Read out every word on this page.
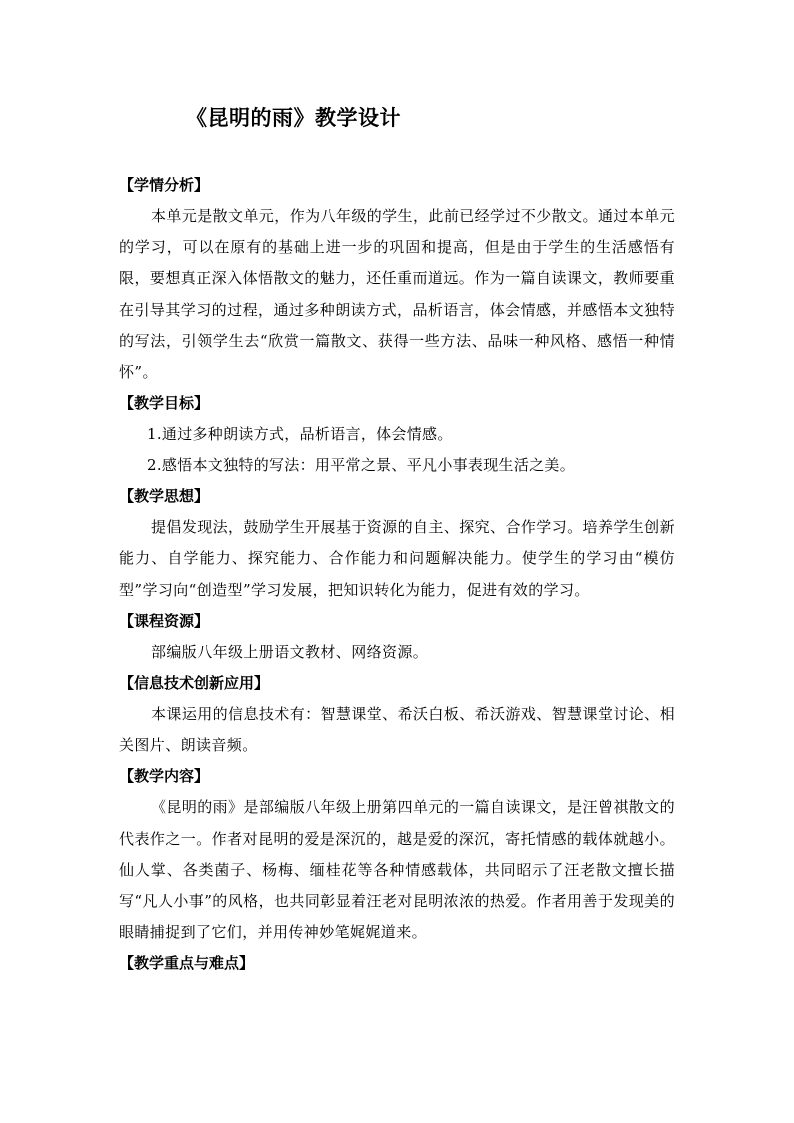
《昆明的雨》教学设计
【学情分析】

本单元是散文单元，作为八年级的学生，此前已经学过不少散文。通过本单元的学习，可以在原有的基础上进一步的巩固和提高，但是由于学生的生活感悟有限，要想真正深入体悟散文的魅力，还任重而道远。作为一篇自读课文，教师要重在引导其学习的过程，通过多种朗读方式，品析语言，体会情感，并感悟本文独特的写法，引领学生去“欣赏一篇散文、获得一些方法、品味一种风格、感悟一种情怀”。

【教学目标】

1.通过多种朗读方式，品析语言，体会情感。

2.感悟本文独特的写法：用平常之景、平凡小事表现生活之美。

【教学思想】

提倡发现法，鼓励学生开展基于资源的自主、探究、合作学习。培养学生创新能力、自学能力、探究能力、合作能力和问题解决能力。使学生的学习由“模仿型”学习向“创造型”学习发展，把知识转化为能力，促进有效的学习。

【课程资源】

部编版八年级上册语文教材、网络资源。

【信息技术创新应用】

本课运用的信息技术有：智慧课堂、希沃白板、希沃游戏、智慧课堂讨论、相关图片、朗读音频。

【教学内容】

《昆明的雨》是部编版八年级上册第四单元的一篇自读课文，是汪曾祺散文的代表作之一。作者对昆明的爱是深沉的，越是爱的深沉，寄托情感的载体就越小。仙人掌、各类菌子、杨梅、缅桂花等各种情感载体，共同昭示了汪老散文擅长描写“凡人小事”的风格，也共同彰显着汪老对昆明浓浓的热爱。作者用善于发现美的眼睛捕捉到了它们，并用传神妙笔娓娓道来。

【教学重点与难点】
